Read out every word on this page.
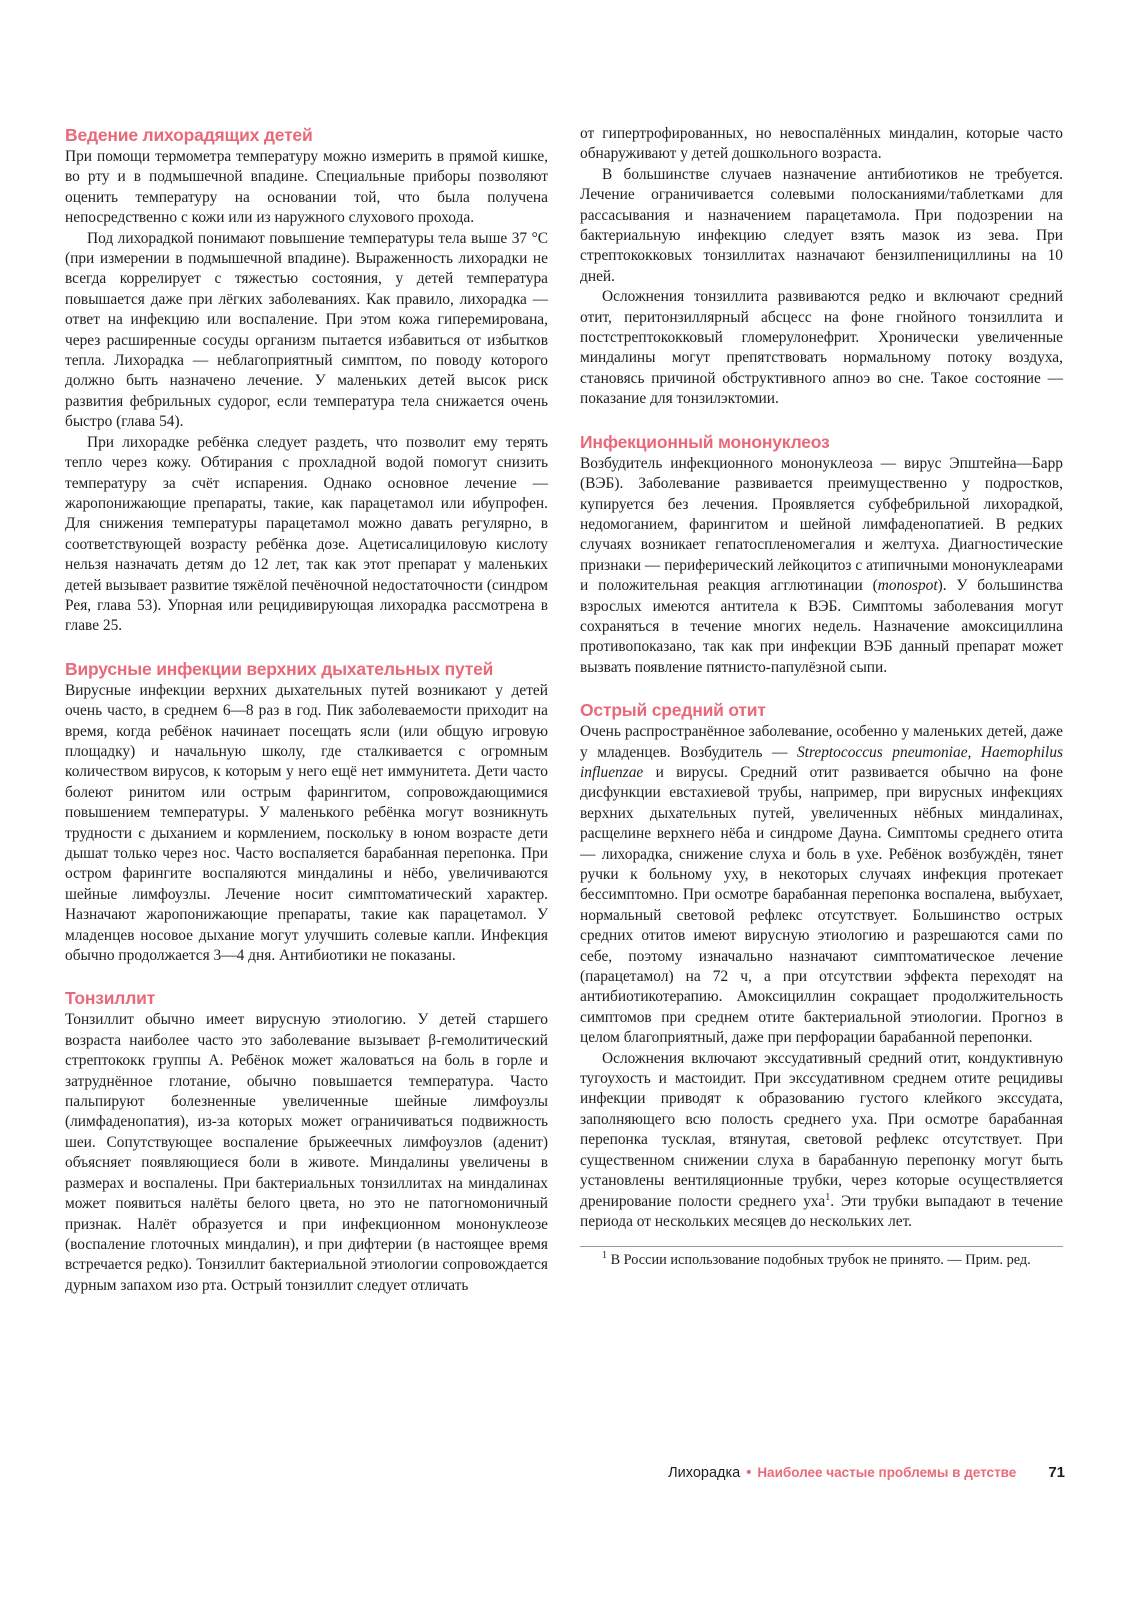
Ведение лихорадящих детей

При помощи термометра температуру можно измерить в прямой кишке, во рту и в подмышечной впадине. Специальные приборы позволяют оценить температуру на основании той, что была получена непосредственно с кожи или из наружного слухового прохода.

Под лихорадкой понимают повышение температуры тела выше 37 °С (при измерении в подмышечной впадине). Выраженность лихорадки не всегда коррелирует с тяжестью состояния, у детей температура повышается даже при лёгких заболеваниях. Как правило, лихорадка — ответ на инфекцию или воспаление. При этом кожа гиперемирована, через расширенные сосуды организм пытается избавиться от избытков тепла. Лихорадка — неблагоприятный симптом, по поводу которого должно быть назначено лечение. У маленьких детей высок риск развития фебрильных судорог, если температура тела снижается очень быстро (глава 54).

При лихорадке ребёнка следует раздеть, что позволит ему терять тепло через кожу. Обтирания с прохладной водой помогут снизить температуру за счёт испарения. Однако основное лечение — жаропонижающие препараты, такие, как парацетамол или ибупрофен. Для снижения температуры парацетамол можно давать регулярно, в соответствующей возрасту ребёнка дозе. Ацетисалициловую кислоту нельзя назначать детям до 12 лет, так как этот препарат у маленьких детей вызывает развитие тяжёлой печёночной недостаточности (синдром Рея, глава 53). Упорная или рецидивирующая лихорадка рассмотрена в главе 25.

Вирусные инфекции верхних дыхательных путей

Вирусные инфекции верхних дыхательных путей возникают у детей очень часто, в среднем 6—8 раз в год. Пик заболеваемости приходит на время, когда ребёнок начинает посещать ясли (или общую игровую площадку) и начальную школу, где сталкивается с огромным количеством вирусов, к которым у него ещё нет иммунитета. Дети часто болеют ринитом или острым фарингитом, сопровождающимися повышением температуры. У маленького ребёнка могут возникнуть трудности с дыханием и кормлением, поскольку в юном возрасте дети дышат только через нос. Часто воспаляется барабанная перепонка. При остром фарингите воспаляются миндалины и нёбо, увеличиваются шейные лимфоузлы. Лечение носит симптоматический характер. Назначают жаропонижающие препараты, такие как парацетамол. У младенцев носовое дыхание могут улучшить солевые капли. Инфекция обычно продолжается 3—4 дня. Антибиотики не показаны.

Тонзиллит

Тонзиллит обычно имеет вирусную этиологию. У детей старшего возраста наиболее часто это заболевание вызывает β-гемолитический стрептококк группы А. Ребёнок может жаловаться на боль в горле и затруднённое глотание, обычно повышается температура. Часто пальпируют болезненные увеличенные шейные лимфоузлы (лимфаденопатия), из-за которых может ограничиваться подвижность шеи. Сопутствующее воспаление брыжеечных лимфоузлов (аденит) объясняет появляющиеся боли в животе. Миндалины увеличены в размерах и воспалены. При бактериальных тонзиллитах на миндалинах может появиться налёты белого цвета, но это не патогномоничный признак. Налёт образуется и при инфекционном мононуклеозе (воспаление глоточных миндалин), и при дифтерии (в настоящее время встречается редко). Тонзиллит бактериальной этиологии сопровождается дурным запахом изо рта. Острый тонзиллит следует отличать

от гипертрофированных, но невоспалённых миндалин, которые часто обнаруживают у детей дошкольного возраста.

В большинстве случаев назначение антибиотиков не требуется. Лечение ограничивается солевыми полосканиями/таблетками для рассасывания и назначением парацетамола. При подозрении на бактериальную инфекцию следует взять мазок из зева. При стрептококковых тонзиллитах назначают бензилпенициллины на 10 дней.

Осложнения тонзиллита развиваются редко и включают средний отит, перитонзиллярный абсцесс на фоне гнойного тонзиллита и постстрептококковый гломерулонефрит. Хронически увеличенные миндалины могут препятствовать нормальному потоку воздуха, становясь причиной обструктивного апноэ во сне. Такое состояние — показание для тонзилэктомии.

Инфекционный мононуклеоз

Возбудитель инфекционного мононуклеоза — вирус Эпштейна—Барр (ВЭБ). Заболевание развивается преимущественно у подростков, купируется без лечения. Проявляется субфебрильной лихорадкой, недомоганием, фарингитом и шейной лимфаденопатией. В редких случаях возникает гепатоспленомегалия и желтуха. Диагностические признаки — периферический лейкоцитоз с атипичными мононуклеарами и положительная реакция агглютинации (monospot). У большинства взрослых имеются антитела к ВЭБ. Симптомы заболевания могут сохраняться в течение многих недель. Назначение амоксициллина противопоказано, так как при инфекции ВЭБ данный препарат может вызвать появление пятнисто-папулёзной сыпи.

Острый средний отит

Очень распространённое заболевание, особенно у маленьких детей, даже у младенцев. Возбудитель — Streptococcus pneumoniae, Haemophilus influenzae и вирусы. Средний отит развивается обычно на фоне дисфункции евстахиевой трубы, например, при вирусных инфекциях верхних дыхательных путей, увеличенных нёбных миндалинах, расщелине верхнего нёба и синдроме Дауна. Симптомы среднего отита — лихорадка, снижение слуха и боль в ухе. Ребёнок возбуждён, тянет ручки к больному уху, в некоторых случаях инфекция протекает бессимптомно. При осмотре барабанная перепонка воспалена, выбухает, нормальный световой рефлекс отсутствует. Большинство острых средних отитов имеют вирусную этиологию и разрешаются сами по себе, поэтому изначально назначают симптоматическое лечение (парацетамол) на 72 ч, а при отсутствии эффекта переходят на антибиотикотерапию. Амоксициллин сокращает продолжительность симптомов при среднем отите бактериальной этиологии. Прогноз в целом благоприятный, даже при перфорации барабанной перепонки.

Осложнения включают экссудативный средний отит, кондуктивную тугоухость и мастоидит. При экссудативном среднем отите рецидивы инфекции приводят к образованию густого клейкого экссудата, заполняющего всю полость среднего уха. При осмотре барабанная перепонка тусклая, втянутая, световой рефлекс отсутствует. При существенном снижении слуха в барабанную перепонку могут быть установлены вентиляционные трубки, через которые осуществляется дренирование полости среднего уха$^1$. Эти трубки выпадают в течение периода от нескольких месяцев до нескольких лет.

$^1$ В России использование подобных трубок не принято. — Прим. ред.

Лихорадка • Наиболее частые проблемы в детстве 71
